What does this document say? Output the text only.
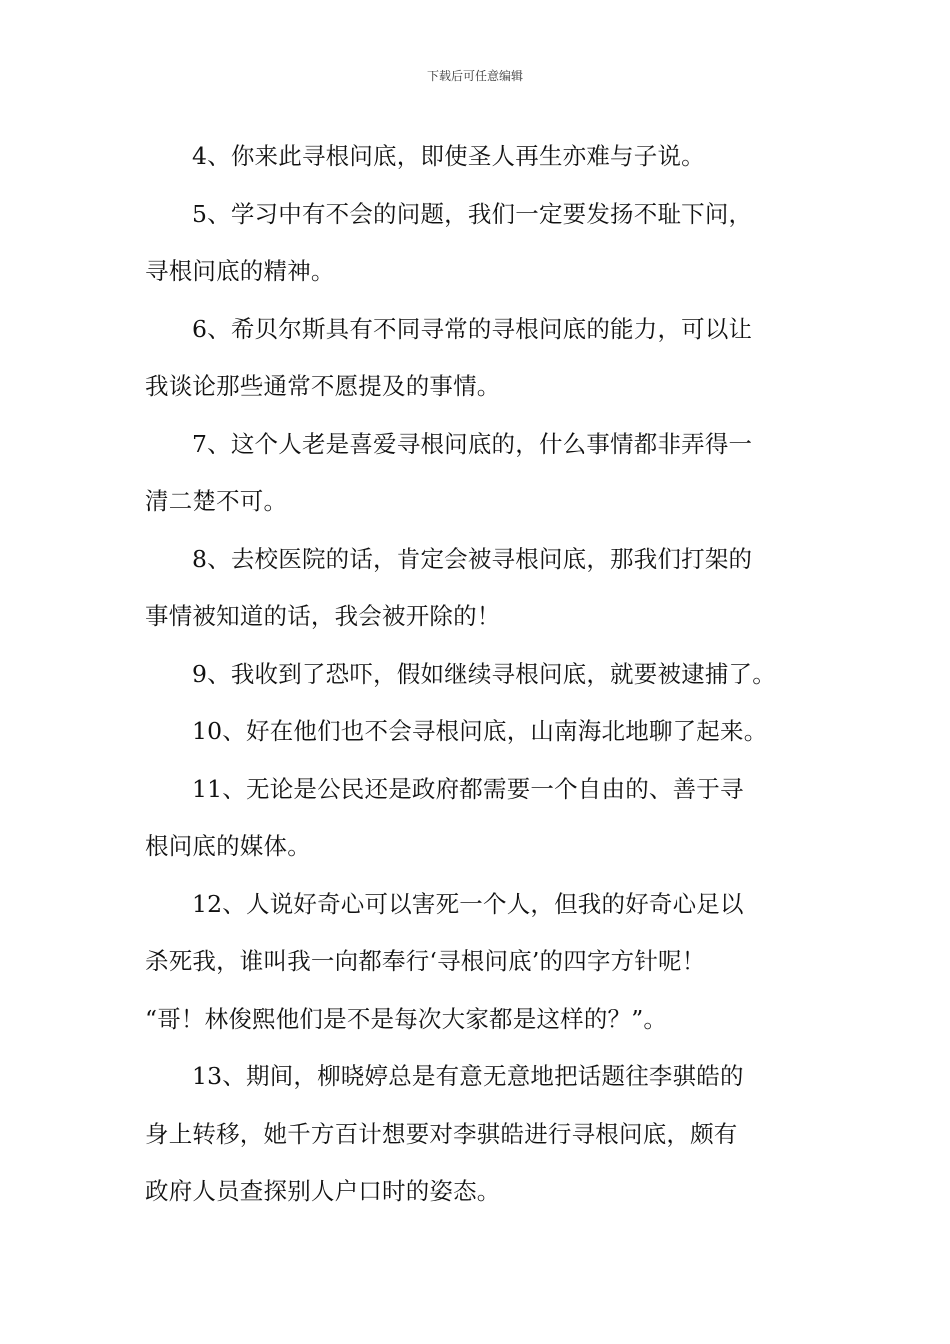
下载后可任意编辑

4、你来此寻根问底，即使圣人再生亦难与子说。

5、学习中有不会的问题，我们一定要发扬不耻下问，
寻根问底的精神。

6、希贝尔斯具有不同寻常的寻根问底的能力，可以让
我谈论那些通常不愿提及的事情。

7、这个人老是喜爱寻根问底的，什么事情都非弄得一
清二楚不可。

8、去校医院的话，肯定会被寻根问底，那我们打架的
事情被知道的话，我会被开除的！

9、我收到了恐吓，假如继续寻根问底，就要被逮捕了。

10、好在他们也不会寻根问底，山南海北地聊了起来。

11、无论是公民还是政府都需要一个自由的、善于寻
根问底的媒体。

12、人说好奇心可以害死一个人，但我的好奇心足以
杀死我，谁叫我一向都奉行‘寻根问底’的四字方针呢！
“哥！林俊熙他们是不是每次大家都是这样的？”。

13、期间，柳晓婷总是有意无意地把话题往李骐皓的
身上转移，她千方百计想要对李骐皓进行寻根问底，颇有
政府人员查探别人户口时的姿态。
